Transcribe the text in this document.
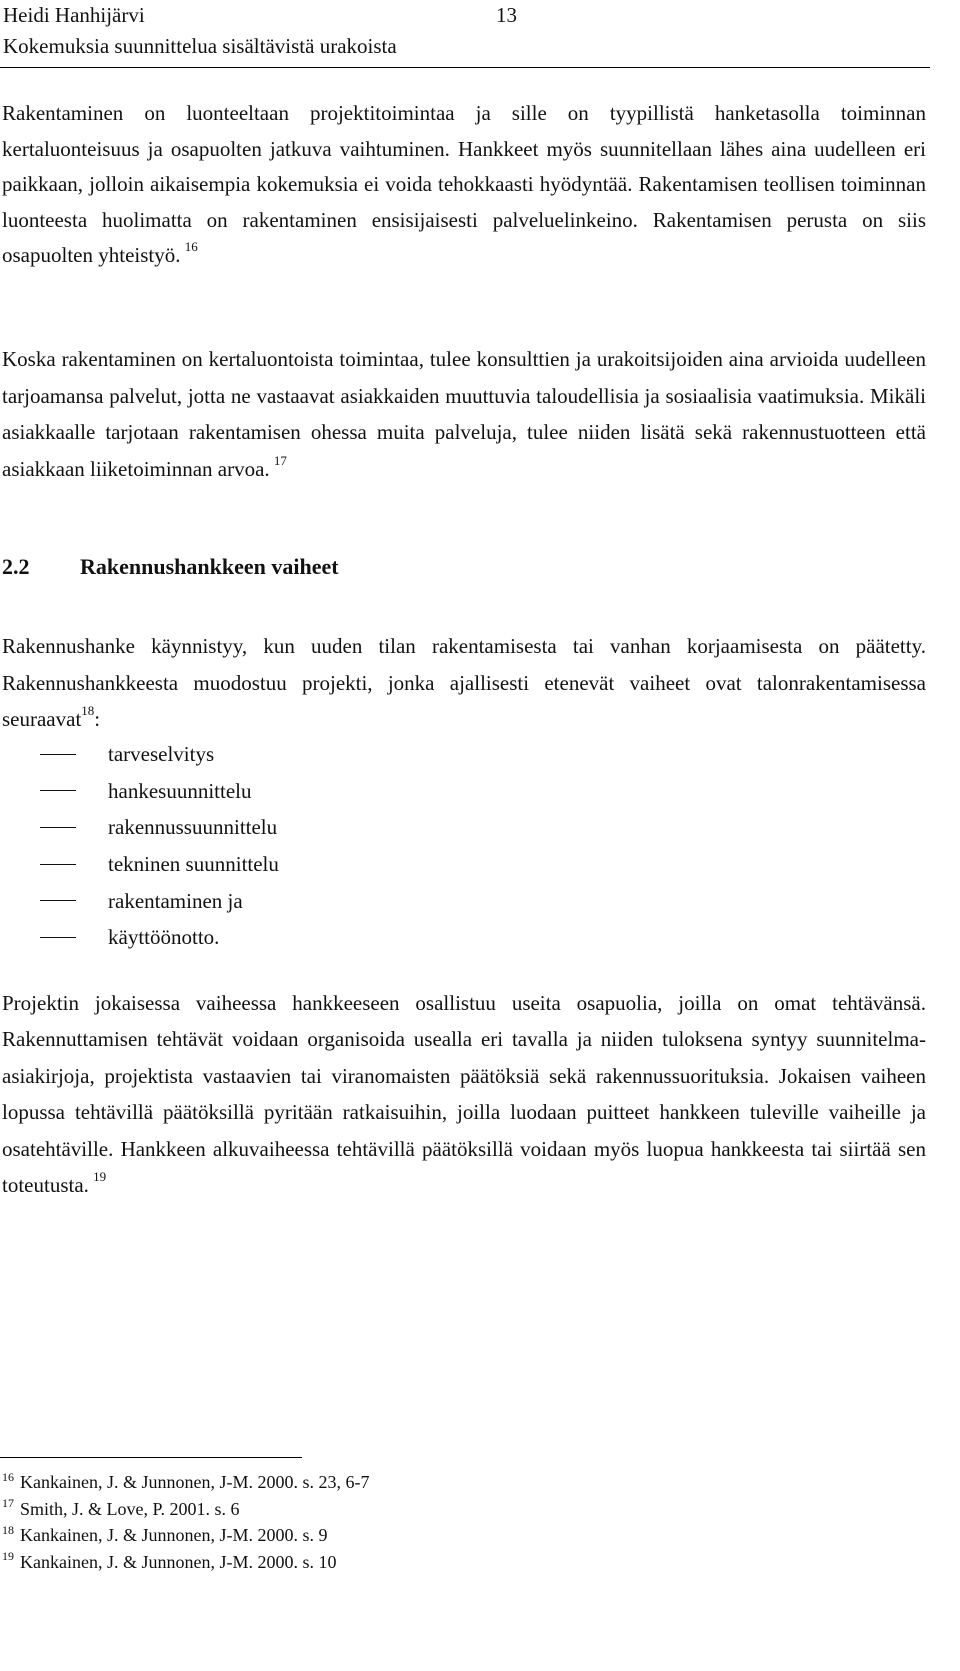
Heidi Hanhijärvi	13
Kokemuksia suunnittelua sisältävistä urakoista

Rakentaminen on luonteeltaan projektitoimintaa ja sille on tyypillistä hanketasolla toiminnan kertaluonteisuus ja osapuolten jatkuva vaihtuminen. Hankkeet myös suunnitellaan lähes aina uudelleen eri paikkaan, jolloin aikaisempia kokemuksia ei voida tehokkaasti hyödyntää. Rakentamisen teollisen toiminnan luonteesta huolimatta on rakentaminen ensisijaisesti palveluelinkeino. Rakentamisen perusta on siis osapuolten yhteistyö.  $^{16}$

Koska rakentaminen on kertaluontoista toimintaa, tulee konsulttien ja urakoitsijoiden aina arvioida uudelleen tarjoamansa palvelut, jotta ne vastaavat asiakkaiden muuttuvia taloudellisia ja sosiaalisia vaatimuksia. Mikäli asiakkaalle tarjotaan rakentamisen ohessa muita palveluja, tulee niiden lisätä sekä rakennustuotteen että asiakkaan liiketoiminnan arvoa.  $^{17}$

2.2 Rakennushankkeen vaiheet

Rakennushanke käynnistyy, kun uuden tilan rakentamisesta tai vanhan korjaamisesta on päätetty. Rakennushankkeesta muodostuu projekti, jonka ajallisesti etenevät vaiheet ovat talonrakentamisessa seuraavat$^{18}$:

tarveselvitys
hankesuunnittelu
rakennussuunnittelu
tekninen suunnittelu
rakentaminen ja
käyttöönotto.

Projektin jokaisessa vaiheessa hankkeeseen osallistuu useita osapuolia, joilla on omat tehtävänsä. Rakennuttamisen tehtävät voidaan organisoida usealla eri tavalla ja niiden tuloksena syntyy suunnitelma-asiakirjoja, projektista vastaavien tai viranomaisten päätöksiä sekä rakennussuorituksia. Jokaisen vaiheen lopussa tehtävillä päätöksillä pyritään ratkaisuihin, joilla luodaan puitteet hankkeen tuleville vaiheille ja osatehtäville. Hankkeen alkuvaiheessa tehtävillä päätöksillä voidaan myös luopua hankkeesta tai siirtää sen toteutusta.  $^{19}$

$^{16}$ Kankainen, J. & Junnonen, J-M. 2000. s. 23, 6-7
$^{17}$ Smith, J. & Love, P. 2001. s. 6
$^{18}$ Kankainen, J. & Junnonen, J-M. 2000. s. 9
$^{19}$ Kankainen, J. & Junnonen, J-M. 2000. s. 10
